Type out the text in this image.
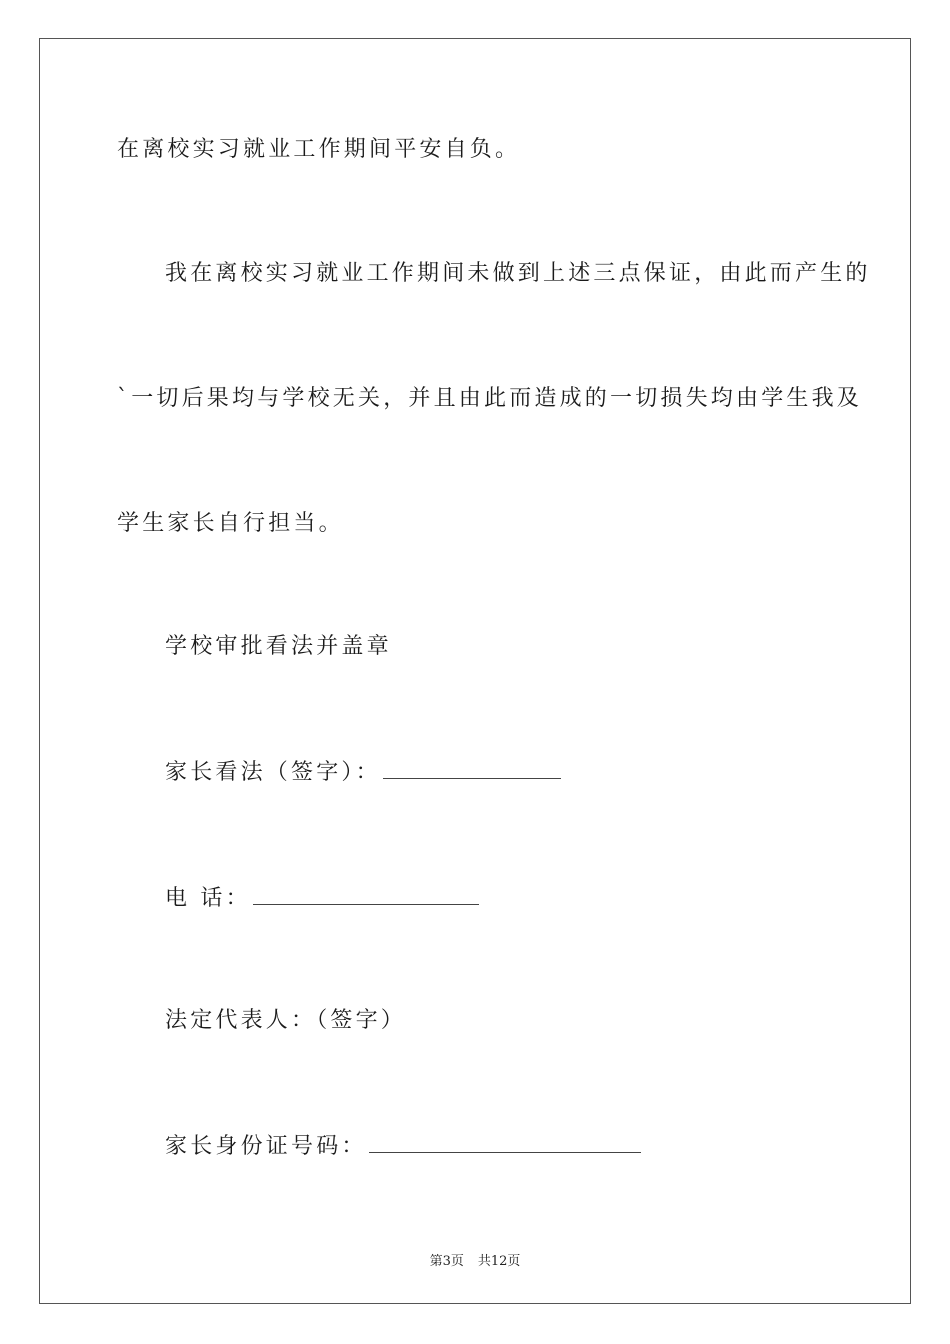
在离校实习就业工作期间平安自负。
我在离校实习就业工作期间未做到上述三点保证，由此而产生的
`一切后果均与学校无关，并且由此而造成的一切损失均由学生我及
学生家长自行担当。
学校审批看法并盖章
家长看法（签字）：
电 话：
法定代表人：（签字）
家长身份证号码：
第3页 共12页
